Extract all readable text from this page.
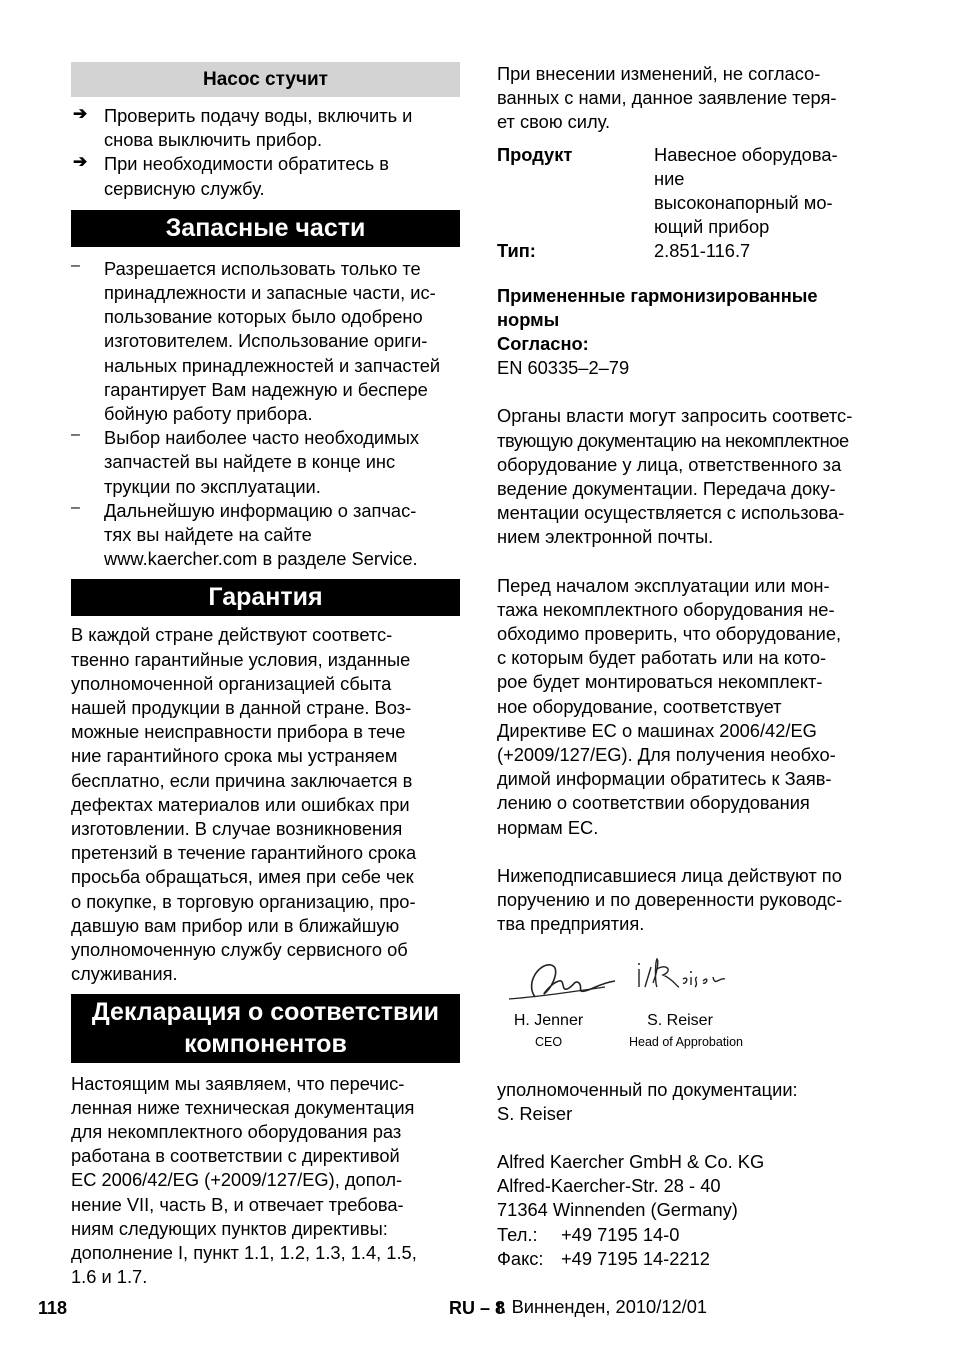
Насос стучит
➔ Проверить подачу воды, включить и

снова выключить прибор.

➔ При необходимости обратитесь в

сервисную службу.

Запасные части
– Разрешается использовать только те

принадлежности и запасные части, ис-

пользование которых было одобрено

изготовителем. Использование ориги-

нальных принадлежностей и запчастей

гарантирует Вам надежную и беспере

бойную работу прибора.

– Выбор наиболее часто необходимых

запчастей вы найдете в конце инс

трукции по эксплуатации.

– Дальнейшую информацию о запчас-

тях вы найдете на сайте

www.kaercher.com в разделе Service.

Гарантия

В каждой стране действуют соответс-

твенно гарантийные условия, изданные

уполномоченной организацией сбыта

нашей продукции в данной стране. Воз-

можные неисправности прибора в тече

ние гарантийного срока мы устраняем

бесплатно, если причина заключается в

дефектах материалов или ошибках при

изготовлении. В случае возникновения

претензий в течение гарантийного срока

просьба обращаться, имея при себе чек

о покупке, в торговую организацию, про-

давшую вам прибор или в ближайшую

уполномоченную службу сервисного об

служивания.

Декларация о соответствии
компонентов

Настоящим мы заявляем, что перечис-

ленная ниже техническая документация

для некомплектного оборудования раз

работана в соответствии с директивой

ЕС 2006/42/EG (+2009/127/EG), допол-

нение VII, часть B, и отвечает требова-

ниям следующих пунктов директивы:

дополнение I, пункт 1.1, 1.2, 1.3, 1.4, 1.5,

1.6 и 1.7.

При внесении изменений, не согласо-

ванных с нами, данное заявление теря-

ет свою силу.

Продукт	Навесное оборудова-
ние
высоконапорный мо-
ющий прибор

Тип:	2.851-116.7

Примененные гармонизированные

нормы

Согласно:

EN 60335–2–79

Органы власти могут запросить соответс-

твующую документацию на некомплектное

оборудование у лица, ответственного за

ведение документации. Передача доку-

ментации осуществляется с использова-

нием электронной почты.

Перед началом эксплуатации или мон-

тажа некомплектного оборудования не-

обходимо проверить, что оборудование,

с которым будет работать или на кото-

рое будет монтироваться некомплект-

ное оборудование, соответствует

Директиве ЕС о машинах 2006/42/EG

(+2009/127/EG). Для получения необхо-

димой информации обратитесь к Заяв-

лению о соответствии оборудования

нормам ЕС.

Нижеподписавшиеся лица действуют по

поручению и по доверенности руководс-

тва предприятия.

H. Jenner	S. Reiser
CEO	Head of Approbation

уполномоченный по документации:

S. Reiser

Alfred Kaercher GmbH & Co. KG

Alfred-Kaercher-Str. 28 - 40

71364 Winnenden (Germany)

Тел.: +49 7195 14-0

Факс: +49 7195 14-2212

г. Винненден, 2010/12/01

118	RU – 8
